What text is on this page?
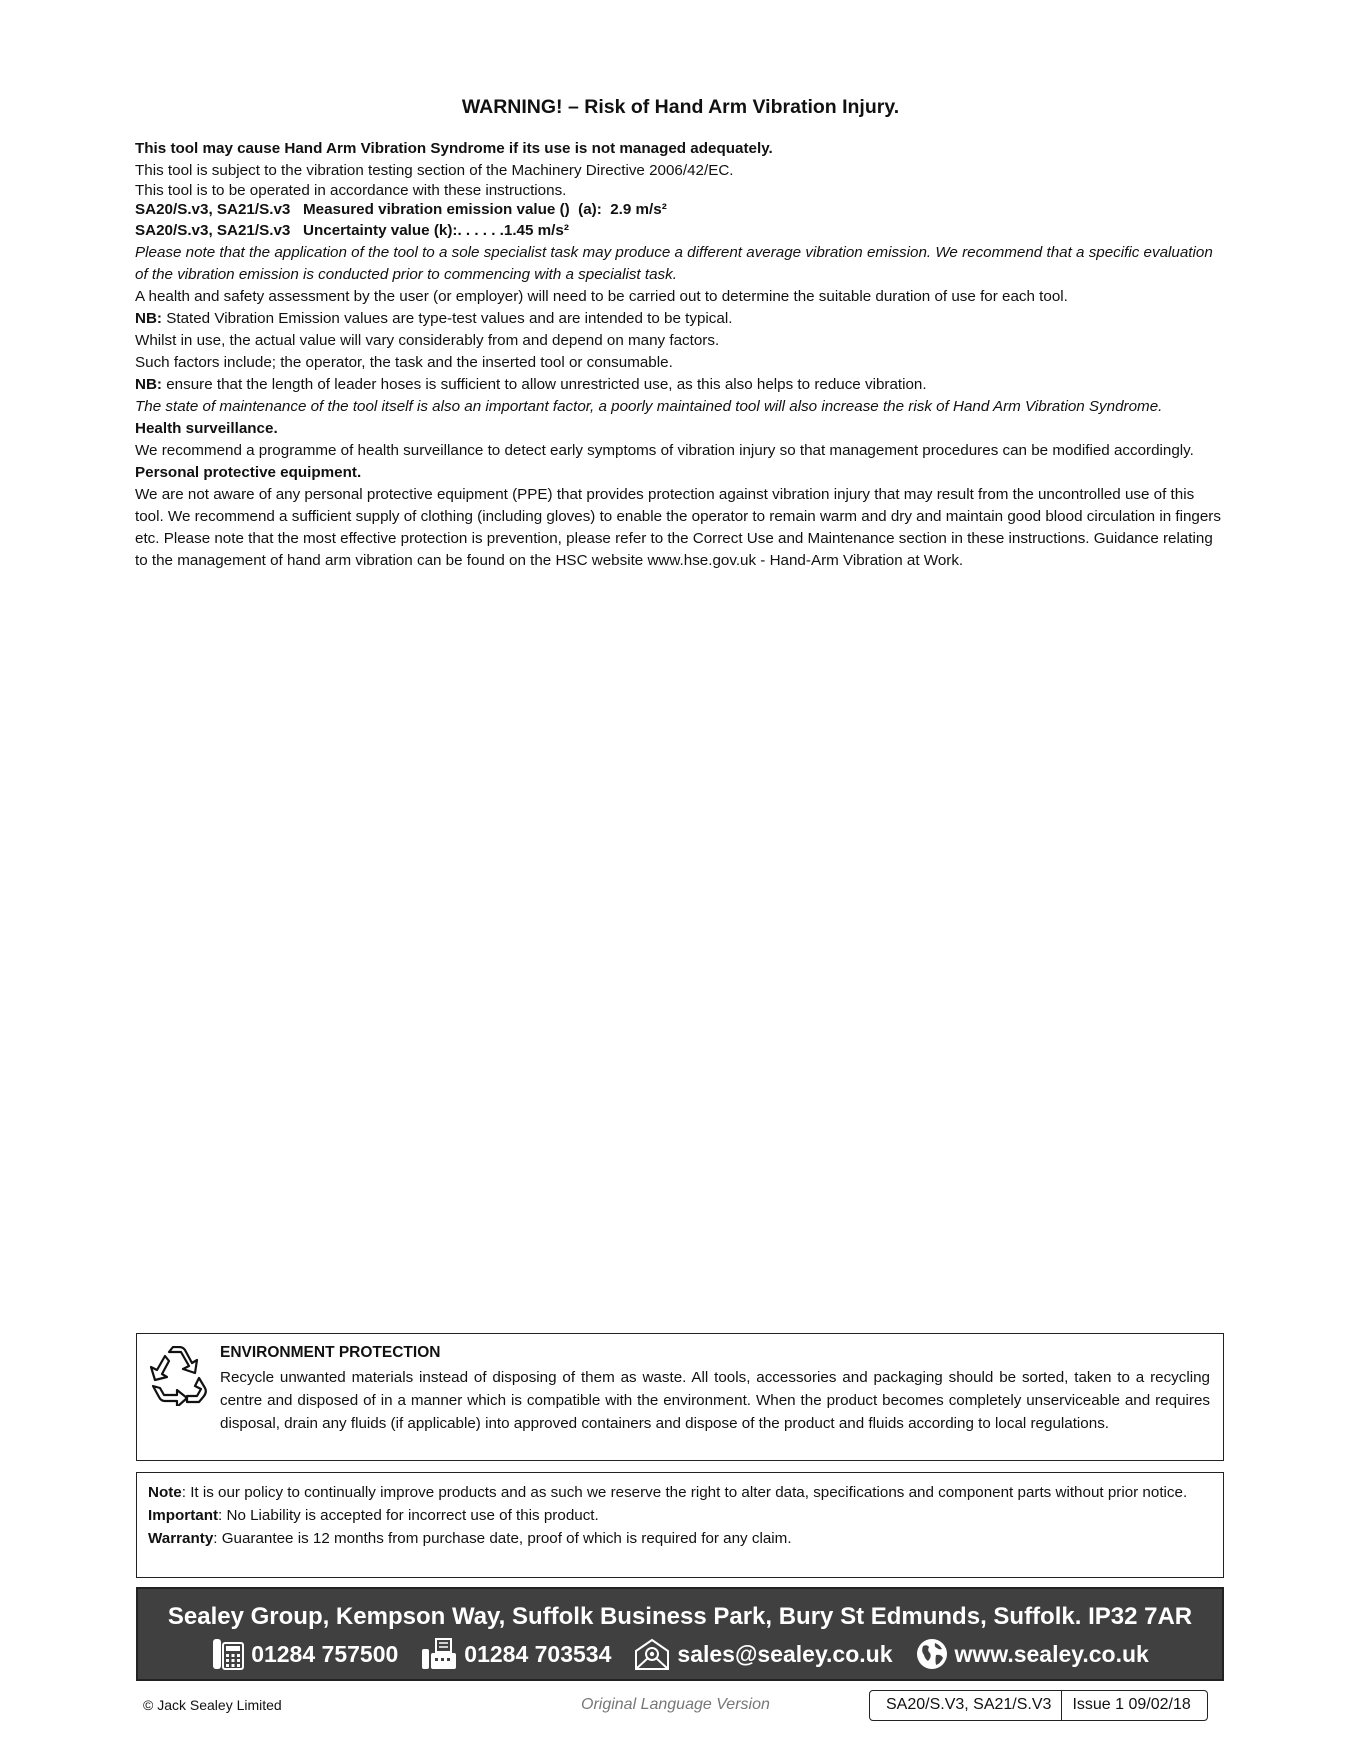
WARNING! – Risk of Hand Arm Vibration Injury.

This tool may cause Hand Arm Vibration Syndrome if its use is not managed adequately.

This tool is subject to the vibration testing section of the Machinery Directive 2006/42/EC.

This tool is to be operated in accordance with these instructions.

SA20/S.v3, SA21/S.v3   Measured vibration emission value ()  (a):  2.9 m/s²

SA20/S.v3, SA21/S.v3   Uncertainty value (k):. . . . . .1.45 m/s²

Please note that the application of the tool to a sole specialist task may produce a different average vibration emission. We recommend that a specific evaluation of the vibration emission is conducted prior to commencing with a specialist task.

A health and safety assessment by the user (or employer) will need to be carried out to determine the suitable duration of use for each tool.

NB: Stated Vibration Emission values are type-test values and are intended to be typical.

Whilst in use, the actual value will vary considerably from and depend on many factors.

Such factors include; the operator, the task and the inserted tool or consumable.

NB: ensure that the length of leader hoses is sufficient to allow unrestricted use, as this also helps to reduce vibration.

The state of maintenance of the tool itself is also an important factor, a poorly maintained tool will also increase the risk of Hand Arm Vibration Syndrome.

Health surveillance.

We recommend a programme of health surveillance to detect early symptoms of vibration injury so that management procedures can be modified accordingly.

Personal protective equipment.

We are not aware of any personal protective equipment (PPE) that provides protection against vibration injury that may result from the uncontrolled use of this tool. We recommend a sufficient supply of clothing (including gloves) to enable the operator to remain warm and dry and maintain good blood circulation in fingers etc. Please note that the most effective protection is prevention, please refer to the Correct Use and Maintenance section in these instructions. Guidance relating to the management of hand arm vibration can be found on the HSC website www.hse.gov.uk - Hand-Arm Vibration at Work.

ENVIRONMENT PROTECTION
Recycle unwanted materials instead of disposing of them as waste. All tools, accessories and packaging should be sorted, taken to a recycling centre and disposed of in a manner which is compatible with the environment. When the product becomes completely unserviceable and requires disposal, drain any fluids (if applicable) into approved containers and dispose of the product and fluids according to local regulations.

Note: It is our policy to continually improve products and as such we reserve the right to alter data, specifications and component parts without prior notice.

Important: No Liability is accepted for incorrect use of this product.

Warranty: Guarantee is 12 months from purchase date, proof of which is required for any claim.

Sealey Group, Kempson Way, Suffolk Business Park, Bury St Edmunds, Suffolk. IP32 7AR
01284 757500	01284 703534	sales@sealey.co.uk	www.sealey.co.uk
© Jack Sealey Limited	Original Language Version	SA20/S.V3, SA21/S.V3	Issue 1 09/02/18
